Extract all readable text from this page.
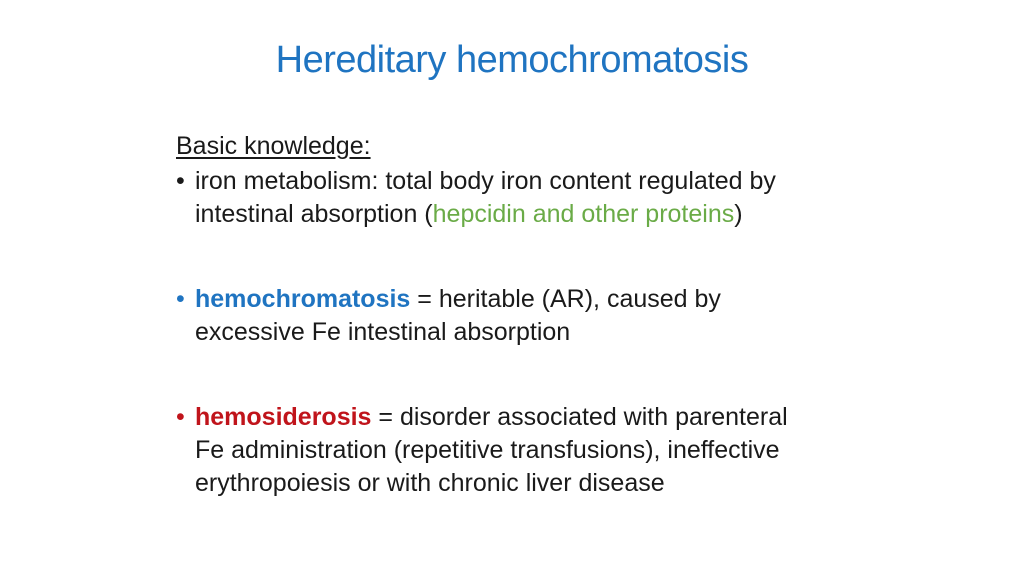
Hereditary hemochromatosis
Basic knowledge:
• iron metabolism: total body iron content regulated by
intestinal absorption (hepcidin and other proteins)
• hemochromatosis = heritable (AR), caused by
excessive Fe intestinal absorption
• hemosiderosis = disorder associated with parenteral
Fe administration (repetitive transfusions), ineffective
erythropoiesis or with chronic liver disease
